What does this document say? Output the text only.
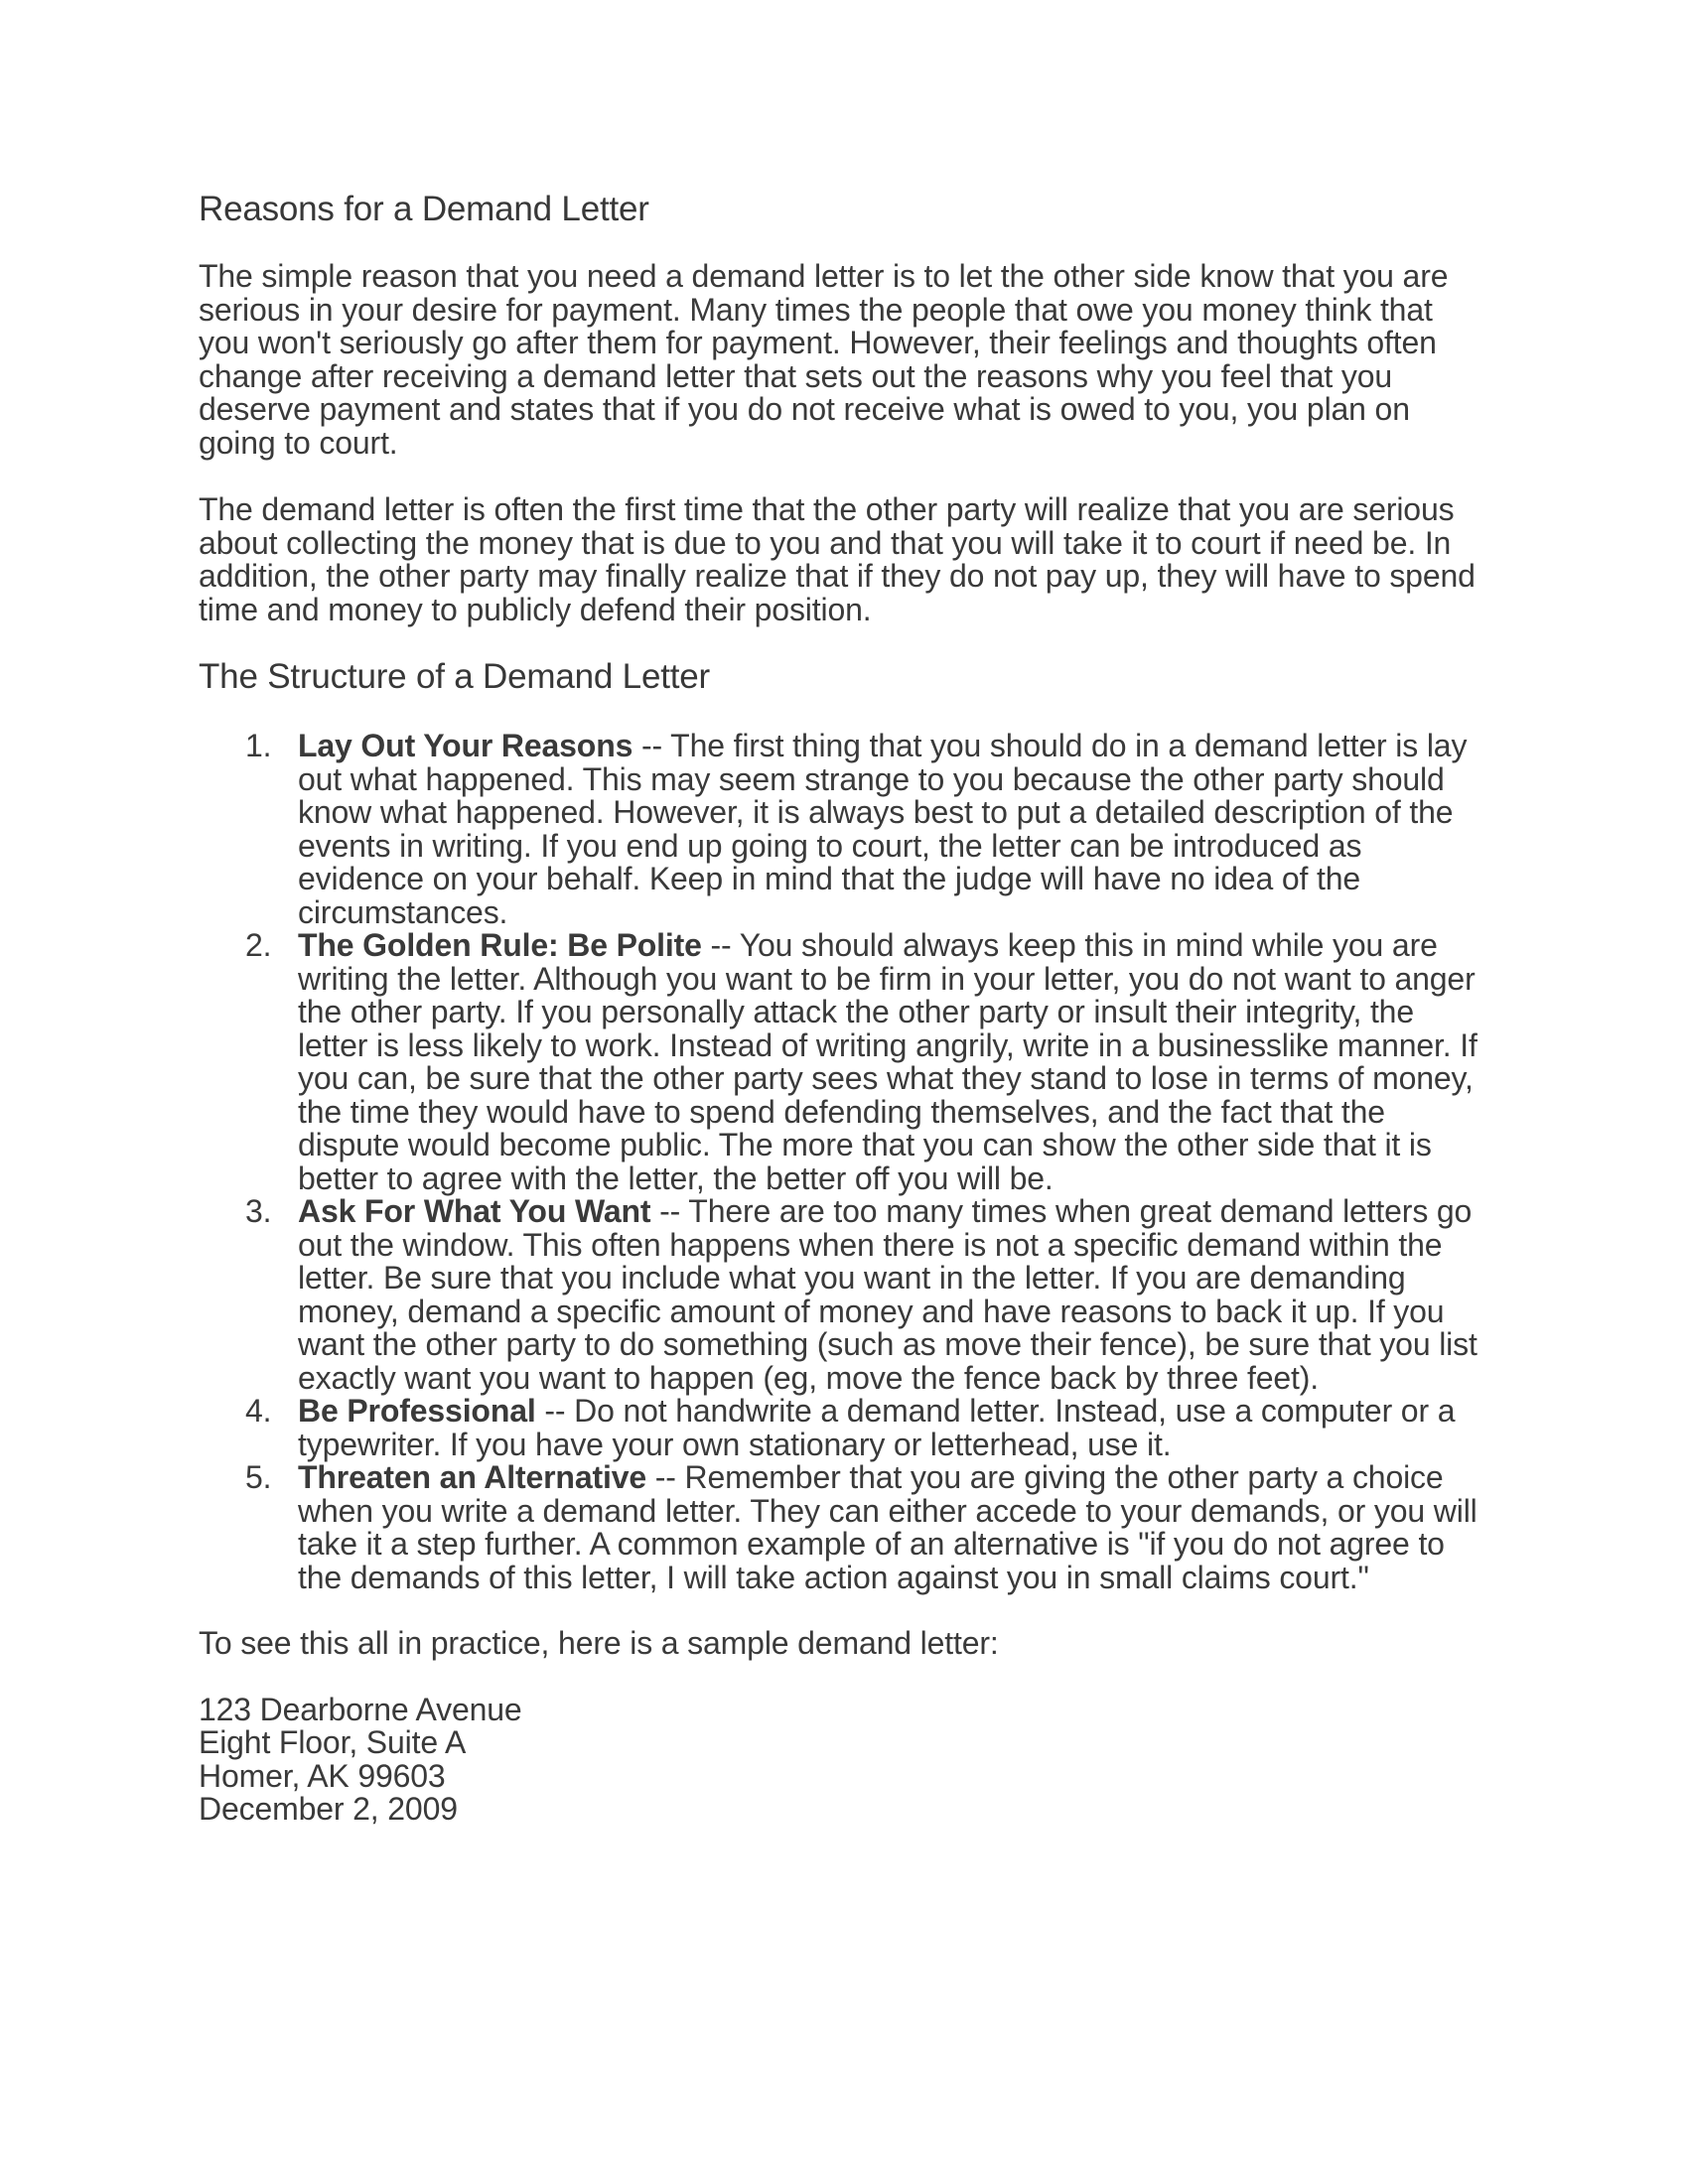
Reasons for a Demand Letter

The simple reason that you need a demand letter is to let the other side know that you are serious in your desire for payment. Many times the people that owe you money think that you won't seriously go after them for payment. However, their feelings and thoughts often change after receiving a demand letter that sets out the reasons why you feel that you deserve payment and states that if you do not receive what is owed to you, you plan on going to court.

The demand letter is often the first time that the other party will realize that you are serious about collecting the money that is due to you and that you will take it to court if need be. In addition, the other party may finally realize that if they do not pay up, they will have to spend time and money to publicly defend their position.

The Structure of a Demand Letter
1. Lay Out Your Reasons -- The first thing that you should do in a demand letter is lay out what happened. This may seem strange to you because the other party should know what happened. However, it is always best to put a detailed description of the events in writing. If you end up going to court, the letter can be introduced as evidence on your behalf. Keep in mind that the judge will have no idea of the circumstances.
2. The Golden Rule: Be Polite -- You should always keep this in mind while you are writing the letter. Although you want to be firm in your letter, you do not want to anger the other party. If you personally attack the other party or insult their integrity, the letter is less likely to work. Instead of writing angrily, write in a businesslike manner. If you can, be sure that the other party sees what they stand to lose in terms of money, the time they would have to spend defending themselves, and the fact that the dispute would become public. The more that you can show the other side that it is better to agree with the letter, the better off you will be.
3. Ask For What You Want -- There are too many times when great demand letters go out the window. This often happens when there is not a specific demand within the letter. Be sure that you include what you want in the letter. If you are demanding money, demand a specific amount of money and have reasons to back it up. If you want the other party to do something (such as move their fence), be sure that you list exactly want you want to happen (eg, move the fence back by three feet).
4. Be Professional -- Do not handwrite a demand letter. Instead, use a computer or a typewriter. If you have your own stationary or letterhead, use it.
5. Threaten an Alternative -- Remember that you are giving the other party a choice when you write a demand letter. They can either accede to your demands, or you will take it a step further. A common example of an alternative is "if you do not agree to the demands of this letter, I will take action against you in small claims court."

To see this all in practice, here is a sample demand letter:

123 Dearborne Avenue

Eight Floor, Suite A

Homer, AK 99603

December 2, 2009
